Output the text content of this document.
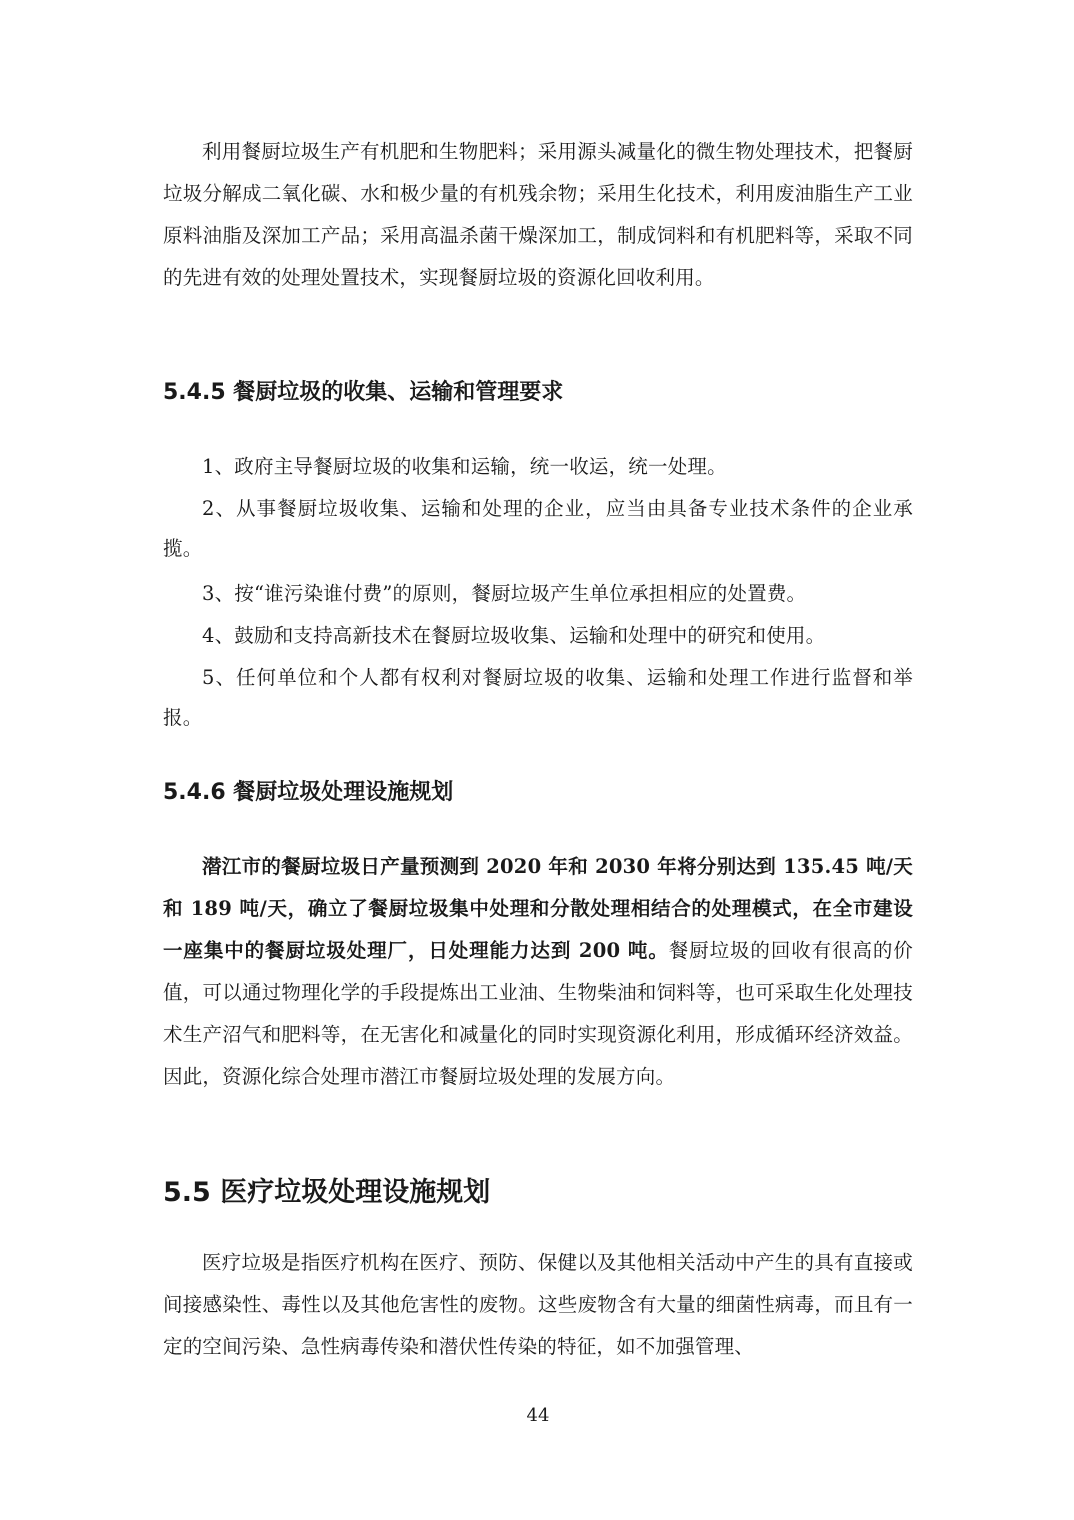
利用餐厨垃圾生产有机肥和生物肥料；采用源头减量化的微生物处理技术，把餐厨垃圾分解成二氧化碳、水和极少量的有机残余物；采用生化技术，利用废油脂生产工业原料油脂及深加工产品；采用高温杀菌干燥深加工，制成饲料和有机肥料等，采取不同的先进有效的处理处置技术，实现餐厨垃圾的资源化回收利用。

5.4.5 餐厨垃圾的收集、运输和管理要求

1、政府主导餐厨垃圾的收集和运输，统一收运，统一处理。

2、从事餐厨垃圾收集、运输和处理的企业，应当由具备专业技术条件的企业承揽。

3、按“谁污染谁付费”的原则，餐厨垃圾产生单位承担相应的处置费。

4、鼓励和支持高新技术在餐厨垃圾收集、运输和处理中的研究和使用。

5、任何单位和个人都有权利对餐厨垃圾的收集、运输和处理工作进行监督和举报。

5.4.6 餐厨垃圾处理设施规划

潜江市的餐厨垃圾日产量预测到 2020 年和 2030 年将分别达到 135.45 吨/天和 189 吨/天，确立了餐厨垃圾集中处理和分散处理相结合的处理模式，在全市建设一座集中的餐厨垃圾处理厂，日处理能力达到 200 吨。餐厨垃圾的回收有很高的价值，可以通过物理化学的手段提炼出工业油、生物柴油和饲料等，也可采取生化处理技术生产沼气和肥料等，在无害化和减量化的同时实现资源化利用，形成循环经济效益。因此，资源化综合处理市潜江市餐厨垃圾处理的发展方向。

5.5 医疗垃圾处理设施规划

医疗垃圾是指医疗机构在医疗、预防、保健以及其他相关活动中产生的具有直接或间接感染性、毒性以及其他危害性的废物。这些废物含有大量的细菌性病毒，而且有一定的空间污染、急性病毒传染和潜伏性传染的特征，如不加强管理、

44
